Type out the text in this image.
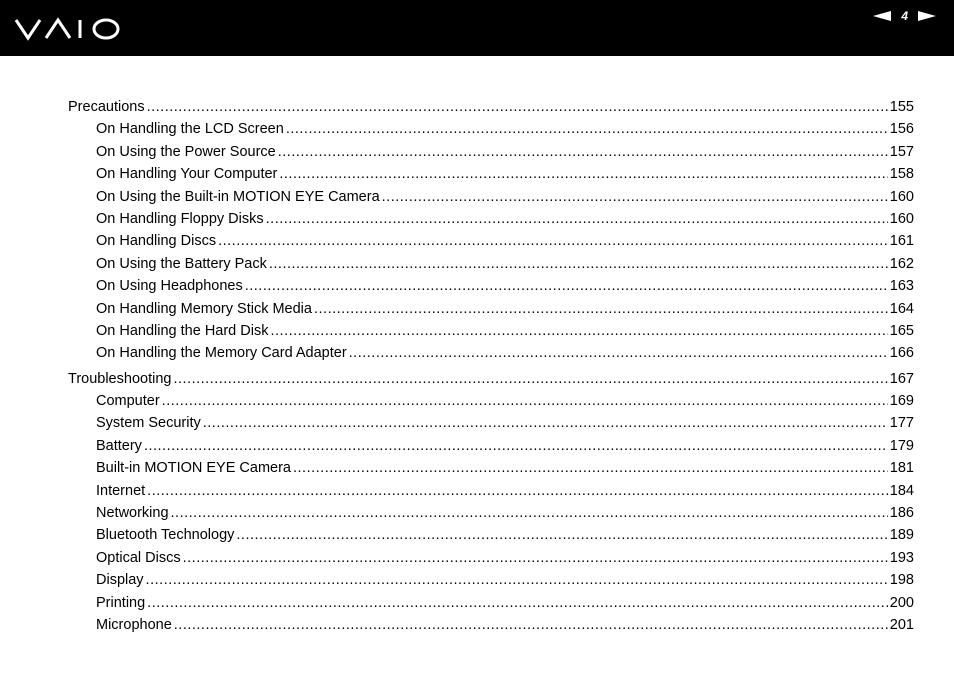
4
Precautions .....	155
On Handling the LCD Screen .....	156
On Using the Power Source .....	157
On Handling Your Computer .....	158
On Using the Built-in MOTION EYE Camera .....	160
On Handling Floppy Disks .....	160
On Handling Discs .....	161
On Using the Battery Pack .....	162
On Using Headphones .....	163
On Handling Memory Stick Media .....	164
On Handling the Hard Disk .....	165
On Handling the Memory Card Adapter .....	166
Troubleshooting .....	167
Computer .....	169
System Security .....	177
Battery .....	179
Built-in MOTION EYE Camera .....	181
Internet .....	184
Networking .....	186
Bluetooth Technology .....	189
Optical Discs .....	193
Display .....	198
Printing .....	200
Microphone .....	201
